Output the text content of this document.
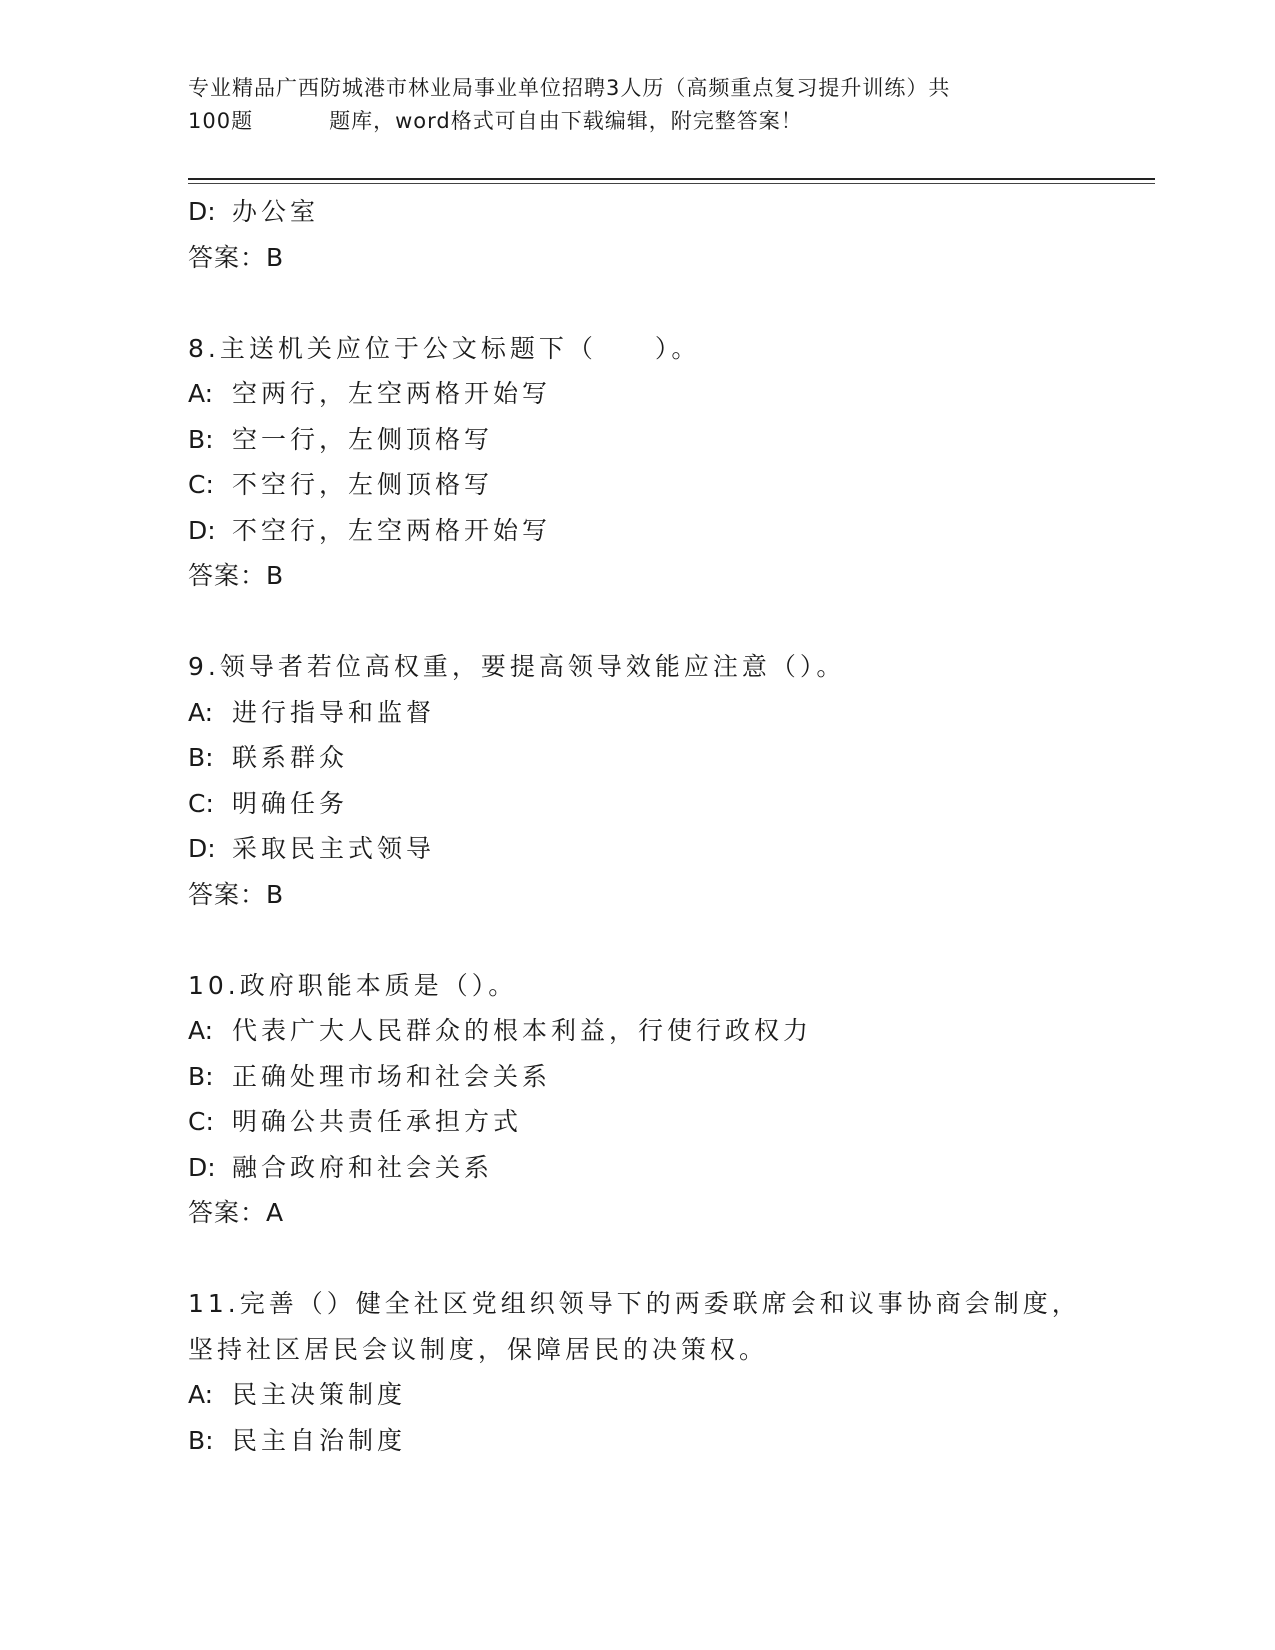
专业精品广西防城港市林业局事业单位招聘3人历（高频重点复习提升训练）共
100题	题库，word格式可自由下载编辑，附完整答案！
D: 办公室
答案：B
8.主送机关应位于公文标题下（　　）。
A: 空两行，左空两格开始写
B: 空一行，左侧顶格写
C: 不空行，左侧顶格写
D: 不空行，左空两格开始写
答案：B
9.领导者若位高权重，要提高领导效能应注意（）。
A: 进行指导和监督
B: 联系群众
C: 明确任务
D: 采取民主式领导
答案：B
10.政府职能本质是（）。
A: 代表广大人民群众的根本利益，行使行政权力
B: 正确处理市场和社会关系
C: 明确公共责任承担方式
D: 融合政府和社会关系
答案：A
11.完善（）健全社区党组织领导下的两委联席会和议事协商会制度，
坚持社区居民会议制度，保障居民的决策权。
A: 民主决策制度
B: 民主自治制度
